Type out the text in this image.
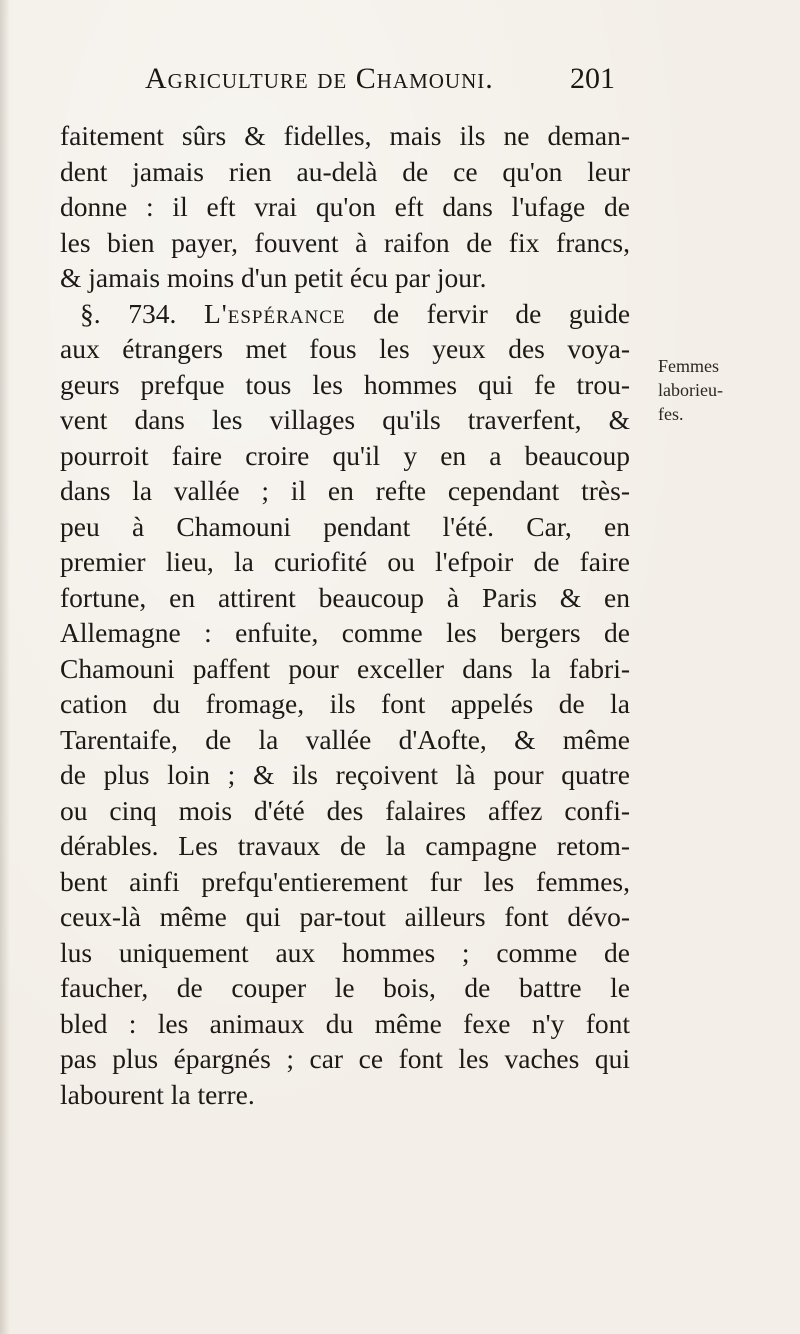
Agriculture de Chamouni.	201
faitement sûrs & fidelles, mais ils ne deman-
dent jamais rien au-delà de ce qu'on leur
donne : il eft vrai qu'on eft dans l'ufage de
les bien payer, fouvent à raifon de fix francs,
& jamais moins d'un petit écu par jour.
§. 734. L'espérance de fervir de guide
aux étrangers met fous les yeux des voya-
geurs prefque tous les hommes qui fe trou-
vent dans les villages qu'ils traverfent, &
pourroit faire croire qu'il y en a beaucoup
dans la vallée ; il en refte cependant très-
peu à Chamouni pendant l'été. Car, en
premier lieu, la curiofité ou l'efpoir de faire
fortune, en attirent beaucoup à Paris & en
Allemagne : enfuite, comme les bergers de
Chamouni paffent pour exceller dans la fabri-
cation du fromage, ils font appelés de la
Tarentaife, de la vallée d'Aofte, & même
de plus loin ; & ils reçoivent là pour quatre
ou cinq mois d'été des falaires affez confi-
dérables. Les travaux de la campagne retom-
bent ainfi prefqu'entierement fur les femmes,
ceux-là même qui par-tout ailleurs font dévo-
lus uniquement aux hommes ; comme de
faucher, de couper le bois, de battre le
bled : les animaux du même fexe n'y font
pas plus épargnés ; car ce font les vaches qui
labourent la terre.
Femmes
laborieu-
fes.
